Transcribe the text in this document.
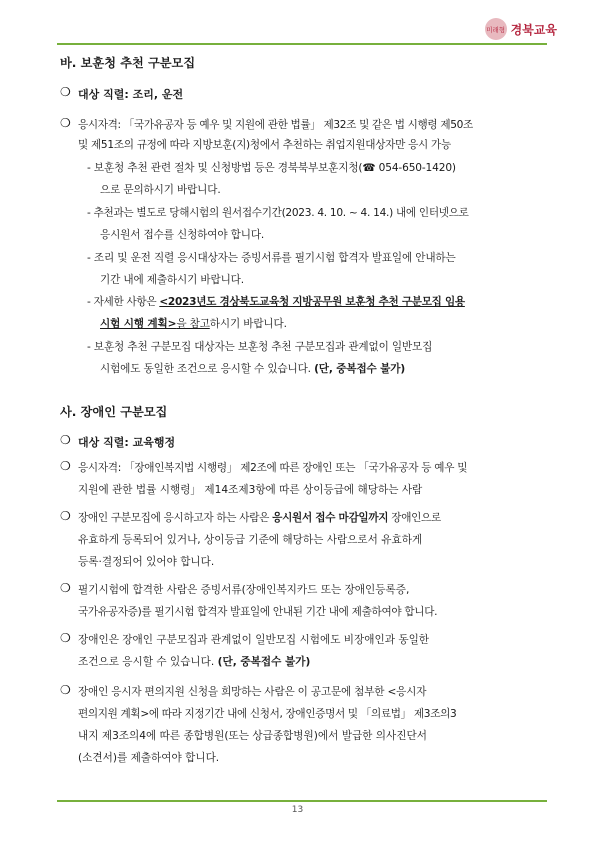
미래형 경북교육
바. 보훈청 추천 구분모집
❍ 대상 직렬: 조리, 운전
❍ 응시자격: 「국가유공자 등 예우 및 지원에 관한 법률」 제32조 및 같은 법 시행령 제50조
및 제51조의 규정에 따라 지방보훈(지)청에서 추천하는 취업지원대상자만 응시 가능
- 보훈청 추천 관련 절차 및 신청방법 등은 경북북부보훈지청(☎ 054-650-1420)
으로 문의하시기 바랍니다.
- 추천과는 별도로 당해시험의 원서접수기간(2023. 4. 10. ~ 4. 14.) 내에 인터넷으로
응시원서 접수를 신청하여야 합니다.
- 조리 및 운전 직렬 응시대상자는 증빙서류를 필기시험 합격자 발표일에 안내하는
기간 내에 제출하시기 바랍니다.
- 자세한 사항은 <2023년도 경상북도교육청 지방공무원 보훈청 추천 구분모집 임용
시험 시행 계획>을 참고하시기 바랍니다.
- 보훈청 추천 구분모집 대상자는 보훈청 추천 구분모집과 관계없이 일반모집
시험에도 동일한 조건으로 응시할 수 있습니다. (단, 중복접수 불가)
사. 장애인 구분모집
❍ 대상 직렬: 교육행정
❍ 응시자격: 「장애인복지법 시행령」 제2조에 따른 장애인 또는 「국가유공자 등 예우 및
지원에 관한 법률 시행령」 제14조제3항에 따른 상이등급에 해당하는 사람
❍ 장애인 구분모집에 응시하고자 하는 사람은 응시원서 접수 마감일까지 장애인으로
유효하게 등록되어 있거나, 상이등급 기준에 해당하는 사람으로서 유효하게
등록·결정되어 있어야 합니다.
❍ 필기시험에 합격한 사람은 증빙서류(장애인복지카드 또는 장애인등록증,
국가유공자증)를 필기시험 합격자 발표일에 안내된 기간 내에 제출하여야 합니다.
❍ 장애인은 장애인 구분모집과 관계없이 일반모집 시험에도 비장애인과 동일한
조건으로 응시할 수 있습니다. (단, 중복접수 불가)
❍ 장애인 응시자 편의지원 신청을 희망하는 사람은 이 공고문에 첨부한 <응시자
편의지원 계획>에 따라 지정기간 내에 신청서, 장애인증명서 및 「의료법」 제3조의3
내지 제3조의4에 따른 종합병원(또는 상급종합병원)에서 발급한 의사진단서
(소견서)를 제출하여야 합니다.
13
